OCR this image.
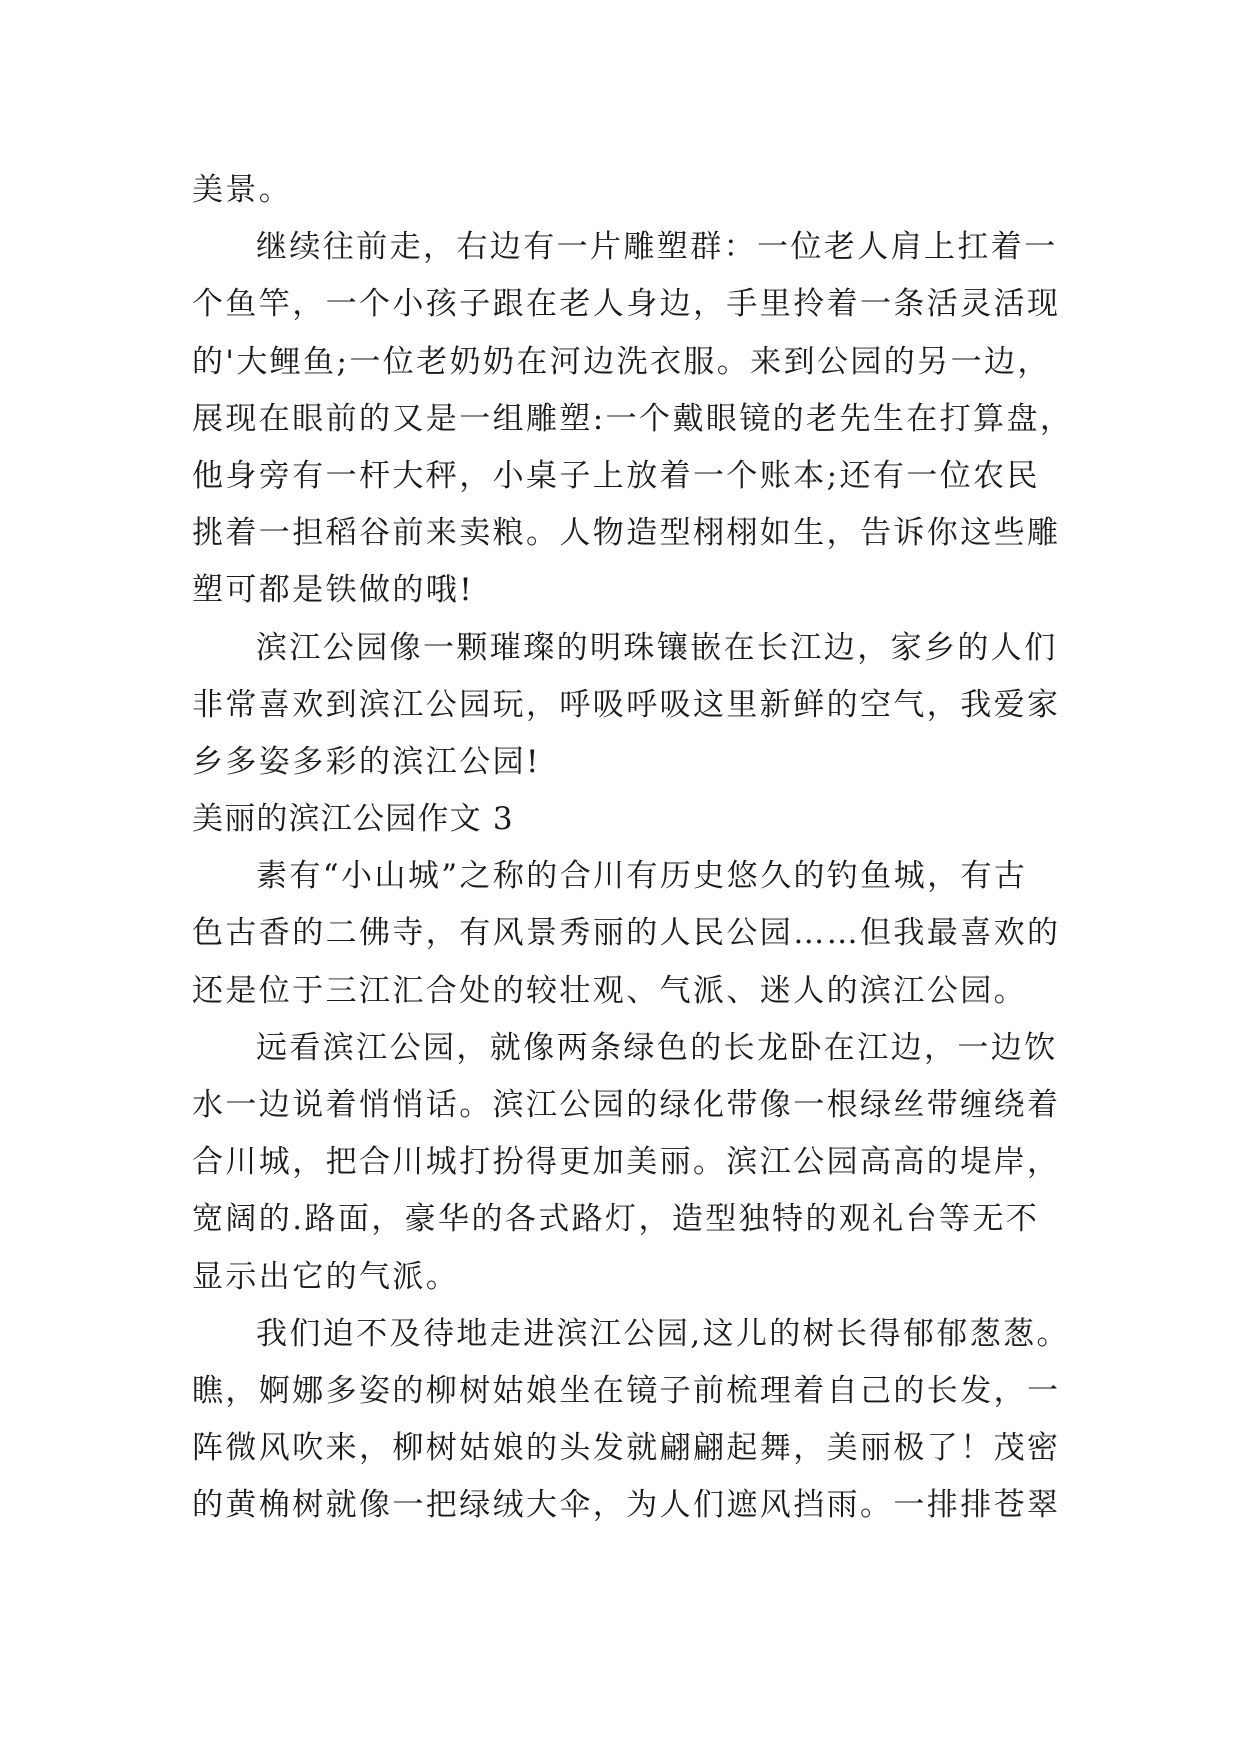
美景。
继续往前走，右边有一片雕塑群：一位老人肩上扛着一
个鱼竿，一个小孩子跟在老人身边，手里拎着一条活灵活现
的'大鲤鱼;一位老奶奶在河边洗衣服。来到公园的另一边，
展现在眼前的又是一组雕塑:一个戴眼镜的老先生在打算盘，
他身旁有一杆大秤，小桌子上放着一个账本;还有一位农民
挑着一担稻谷前来卖粮。人物造型栩栩如生，告诉你这些雕
塑可都是铁做的哦!
滨江公园像一颗璀璨的明珠镶嵌在长江边，家乡的人们
非常喜欢到滨江公园玩，呼吸呼吸这里新鲜的空气，我爱家
乡多姿多彩的滨江公园!
美丽的滨江公园作文 3
素有“小山城”之称的合川有历史悠久的钓鱼城，有古
色古香的二佛寺，有风景秀丽的人民公园……但我最喜欢的
还是位于三江汇合处的较壮观、气派、迷人的滨江公园。
远看滨江公园，就像两条绿色的长龙卧在江边，一边饮
水一边说着悄悄话。滨江公园的绿化带像一根绿丝带缠绕着
合川城，把合川城打扮得更加美丽。滨江公园高高的堤岸，
宽阔的.路面，豪华的各式路灯，造型独特的观礼台等无不
显示出它的气派。
我们迫不及待地走进滨江公园,这儿的树长得郁郁葱葱。
瞧，婀娜多姿的柳树姑娘坐在镜子前梳理着自己的长发，一
阵微风吹来，柳树姑娘的头发就翩翩起舞，美丽极了！茂密
的黄桷树就像一把绿绒大伞，为人们遮风挡雨。一排排苍翠
